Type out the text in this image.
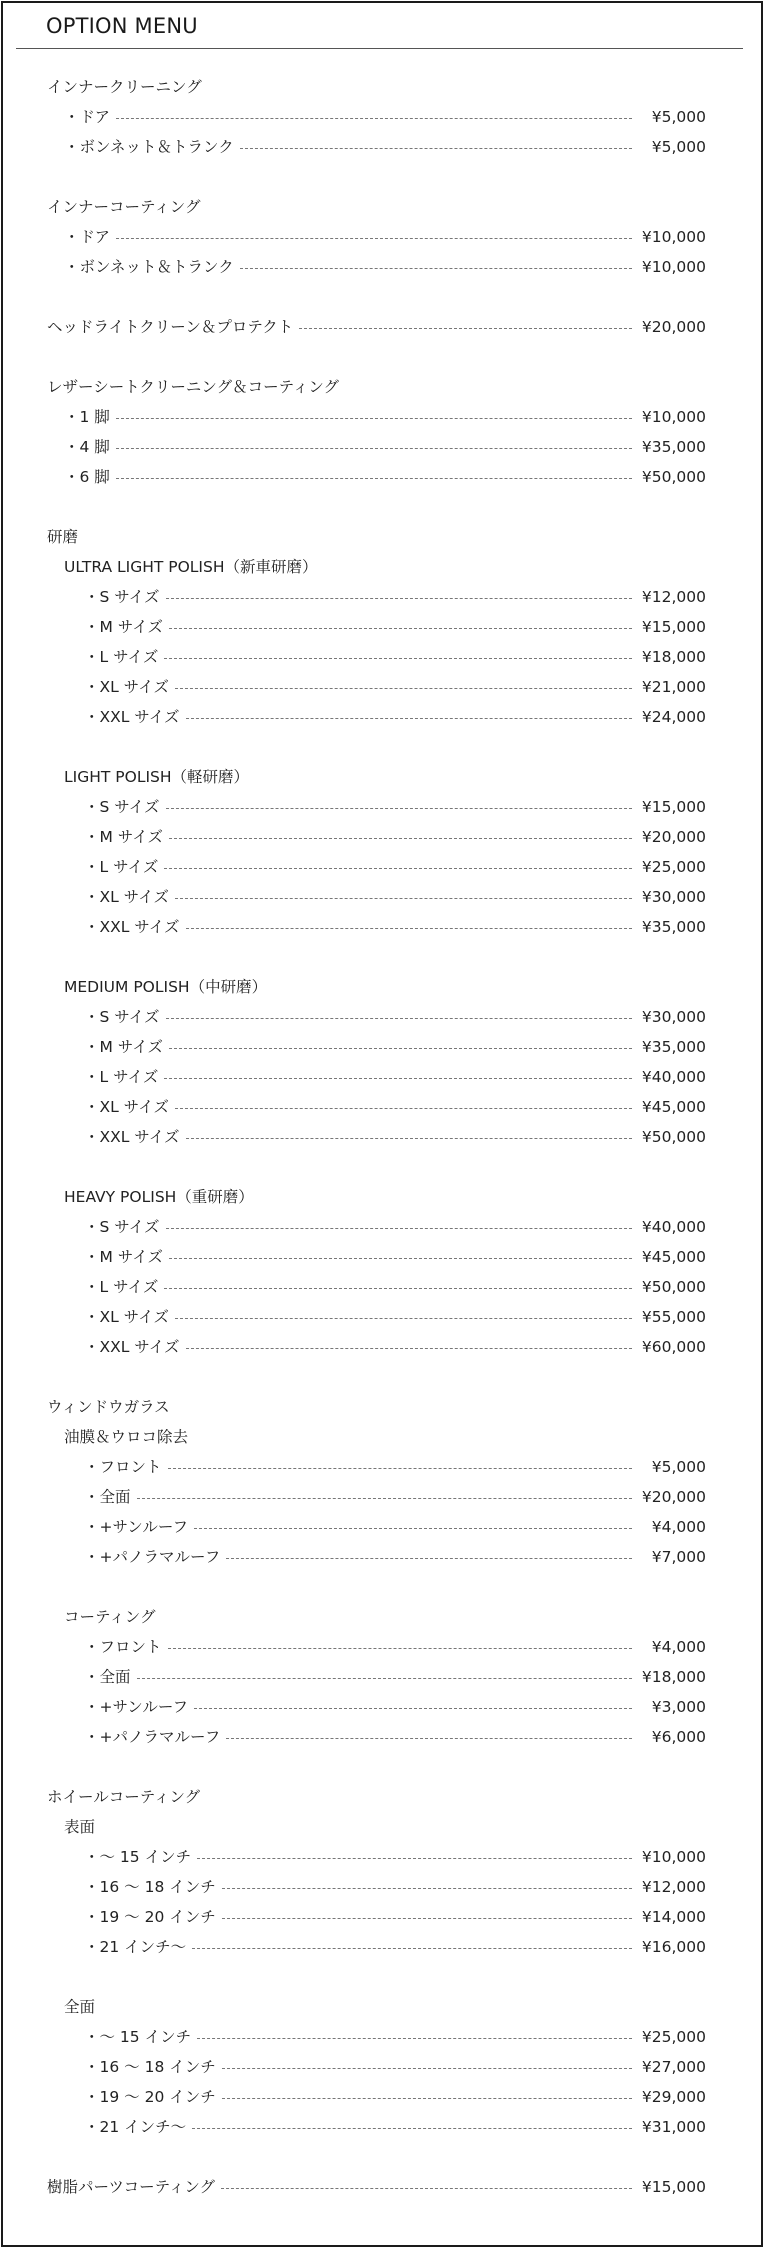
OPTION MENU
インナークリーニング
・ドア	¥5,000
・ボンネット＆トランク	¥5,000
インナーコーティング
・ドア	¥10,000
・ボンネット＆トランク	¥10,000
ヘッドライトクリーン＆プロテクト	¥20,000
レザーシートクリーニング＆コーティング
・1 脚	¥10,000
・4 脚	¥35,000
・6 脚	¥50,000
研磨
ULTRA LIGHT POLISH（新車研磨）
・S サイズ	¥12,000
・M サイズ	¥15,000
・L サイズ	¥18,000
・XL サイズ	¥21,000
・XXL サイズ	¥24,000
LIGHT POLISH（軽研磨）
・S サイズ	¥15,000
・M サイズ	¥20,000
・L サイズ	¥25,000
・XL サイズ	¥30,000
・XXL サイズ	¥35,000
MEDIUM POLISH（中研磨）
・S サイズ	¥30,000
・M サイズ	¥35,000
・L サイズ	¥40,000
・XL サイズ	¥45,000
・XXL サイズ	¥50,000
HEAVY POLISH（重研磨）
・S サイズ	¥40,000
・M サイズ	¥45,000
・L サイズ	¥50,000
・XL サイズ	¥55,000
・XXL サイズ	¥60,000
ウィンドウガラス
油膜＆ウロコ除去
・フロント	¥5,000
・全面	¥20,000
・+サンルーフ	¥4,000
・+パノラマルーフ	¥7,000
コーティング
・フロント	¥4,000
・全面	¥18,000
・+サンルーフ	¥3,000
・+パノラマルーフ	¥6,000
ホイールコーティング
表面
・～ 15 インチ	¥10,000
・16 ～ 18 インチ	¥12,000
・19 ～ 20 インチ	¥14,000
・21 インチ～	¥16,000
全面
・～ 15 インチ	¥25,000
・16 ～ 18 インチ	¥27,000
・19 ～ 20 インチ	¥29,000
・21 インチ～	¥31,000
樹脂パーツコーティング	¥15,000
